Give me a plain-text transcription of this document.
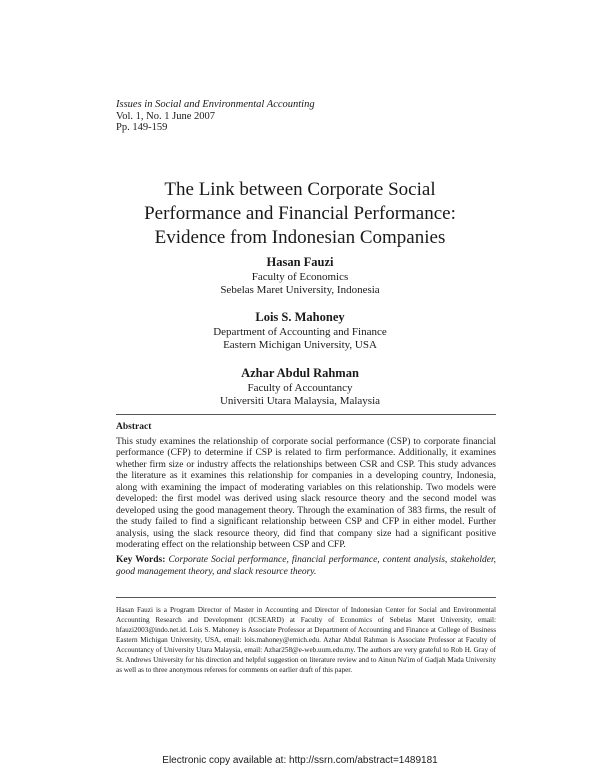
Issues in Social and Environmental Accounting
Vol. 1, No. 1 June 2007
Pp. 149-159
The Link between Corporate Social
Performance and Financial Performance:
Evidence from Indonesian Companies
Hasan Fauzi
Faculty of Economics
Sebelas Maret University, Indonesia
Lois S. Mahoney
Department of Accounting and Finance
Eastern Michigan University, USA
Azhar Abdul Rahman
Faculty of Accountancy
Universiti Utara Malaysia, Malaysia
Abstract
This study examines the relationship of corporate social performance (CSP) to corporate financial performance (CFP) to determine if CSP is related to firm performance. Additionally, it examines whether firm size or industry affects the relationships between CSR and CSP. This study advances the literature as it examines this relationship for companies in a developing country, Indonesia, along with examining the impact of moderating variables on this relationship. Two models were developed: the first model was derived using slack resource theory and the second model was developed using the good management theory. Through the examination of 383 firms, the result of the study failed to find a significant relationship between CSP and CFP in either model. Further analysis, using the slack resource theory, did find that company size had a significant positive moderating effect on the relationship between CSP and CFP.
Key Words: Corporate Social performance, financial performance, content analysis, stakeholder, good management theory, and slack resource theory.
Hasan Fauzi is a Program Director of Master in Accounting and Director of Indonesian Center for Social and Environmental Accounting Research and Development (ICSEARD) at Faculty of Economics of Sebelas Maret University, email: hfauzi2003@indo.net.id. Lois S. Mahoney is Associate Professor at Department of Accounting and Finance at College of Business Eastern Michigan University, USA, email: lois.mahoney@emich.edu. Azhar Abdul Rahman is Associate Professor at Faculty of Accountancy of University Utara Malaysia, email: Azhar258@e-web.uum.edu.my. The authors are very grateful to Rob H. Gray of St. Andrews University for his direction and helpful suggestion on literature review and to Ainun Na'im of Gadjah Mada University as well as to three anonymous referees for comments on earlier draft of this paper.
Electronic copy available at: http://ssrn.com/abstract=1489181
